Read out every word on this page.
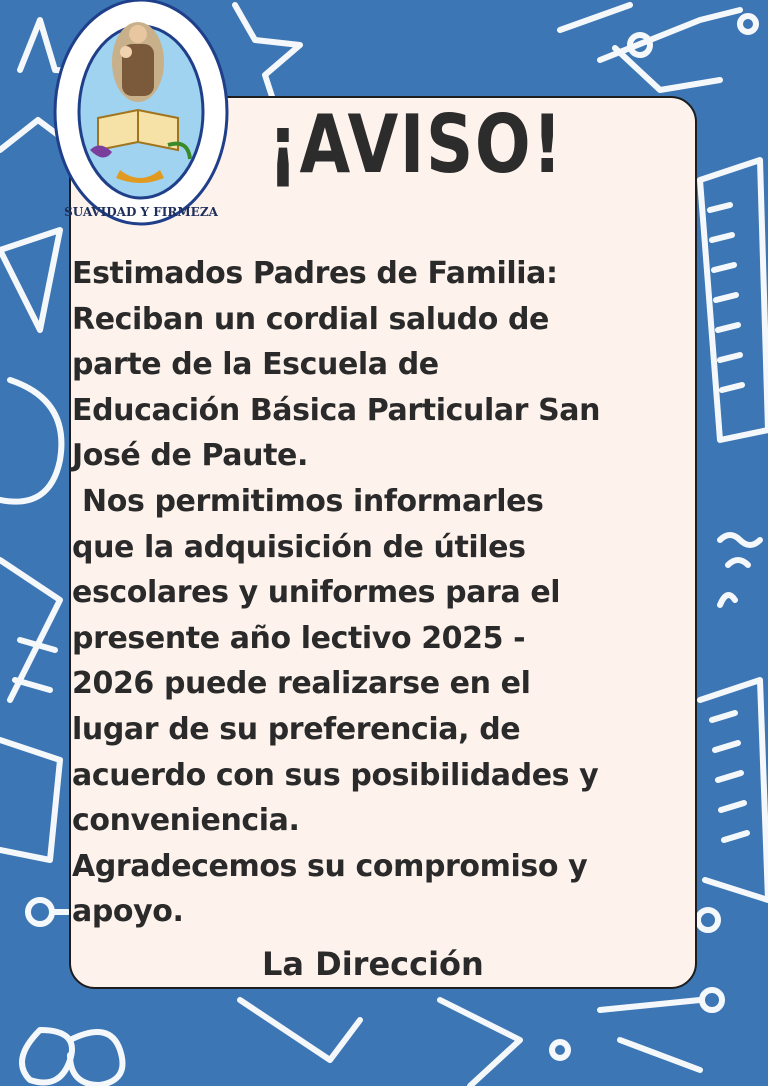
SUAVIDAD Y FIRMEZA
¡AVISO!
Estimados Padres de Familia:
Reciban un cordial saludo de
parte de la Escuela de
Educación Básica Particular San
José de Paute.
Nos permitimos informarles
que la adquisición de útiles
escolares y uniformes para el
presente año lectivo 2025 -
2026 puede realizarse en el
lugar de su preferencia, de
acuerdo con sus posibilidades y
conveniencia.
Agradecemos su compromiso y
apoyo.
La Dirección
